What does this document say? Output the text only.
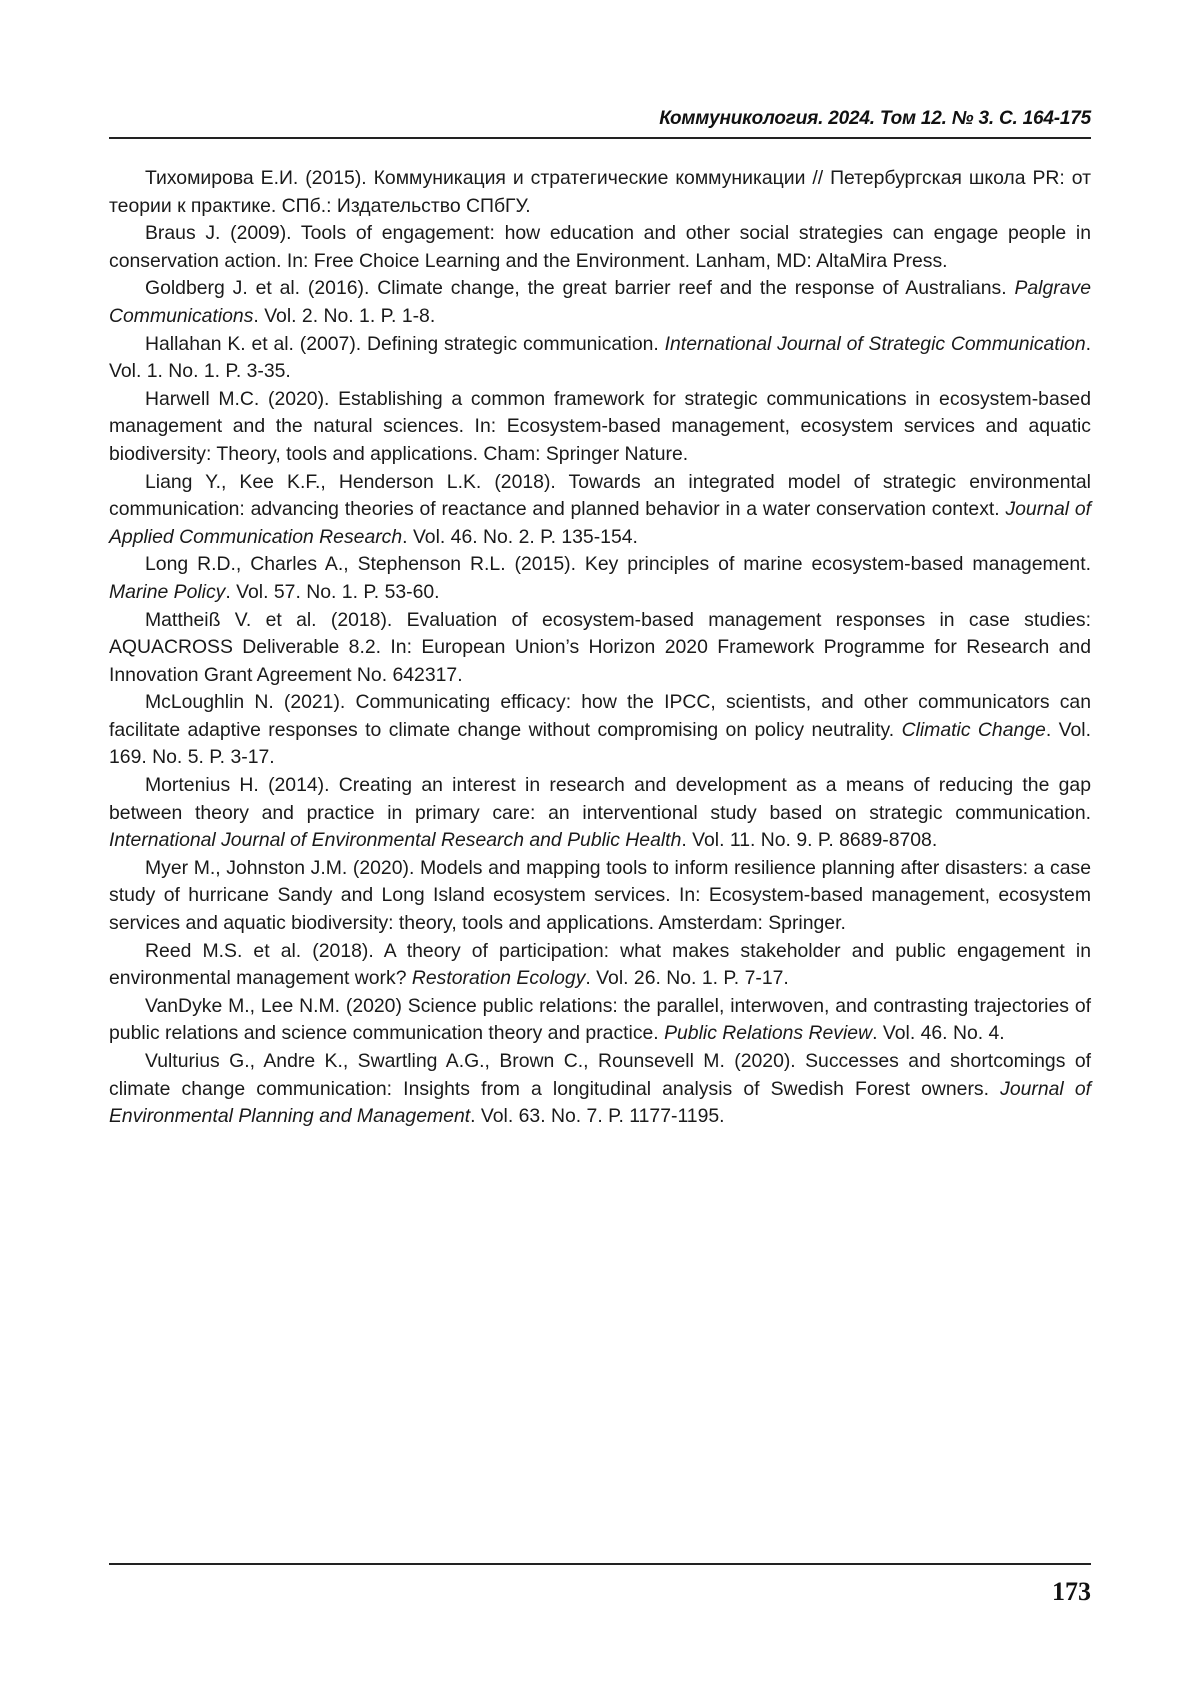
Коммуникология. 2024. Том 12. № 3. С. 164-175

Тихомирова Е.И. (2015). Коммуникация и стратегические коммуникации // Петербургская школа PR: от теории к практике. СПб.: Издательство СПбГУ.

Braus J. (2009). Tools of engagement: how education and other social strategies can engage people in conservation action. In: Free Choice Learning and the Environment. Lanham, MD: AltaMira Press.

Goldberg J. et al. (2016). Climate change, the great barrier reef and the response of Australians. Palgrave Communications. Vol. 2. No. 1. P. 1-8.

Hallahan K. et al. (2007). Defining strategic communication. International Journal of Strategic Communication. Vol. 1. No. 1. P. 3-35.

Harwell M.C. (2020). Establishing a common framework for strategic communications in ecosystem-based management and the natural sciences. In: Ecosystem-based management, ecosystem services and aquatic biodiversity: Theory, tools and applications. Cham: Springer Nature.

Liang Y., Kee K.F., Henderson L.K. (2018). Towards an integrated model of strategic environmental communication: advancing theories of reactance and planned behavior in a water conservation context. Journal of Applied Communication Research. Vol. 46. No. 2. P. 135-154.

Long R.D., Charles A., Stephenson R.L. (2015). Key principles of marine ecosystem-based management. Marine Policy. Vol. 57. No. 1. P. 53-60.

Mattheiß V. et al. (2018). Evaluation of ecosystem-based management responses in case studies: AQUACROSS Deliverable 8.2. In: European Union’s Horizon 2020 Framework Programme for Research and Innovation Grant Agreement No. 642317.

McLoughlin N. (2021). Communicating efficacy: how the IPCC, scientists, and other communicators can facilitate adaptive responses to climate change without compromising on policy neutrality. Climatic Change. Vol. 169. No. 5. P. 3-17.

Mortenius H. (2014). Creating an interest in research and development as a means of reducing the gap between theory and practice in primary care: an interventional study based on strategic communication. International Journal of Environmental Research and Public Health. Vol. 11. No. 9. P. 8689-8708.

Myer M., Johnston J.M. (2020). Models and mapping tools to inform resilience planning after disasters: a case study of hurricane Sandy and Long Island ecosystem services. In: Ecosystem-based management, ecosystem services and aquatic biodiversity: theory, tools and applications. Amsterdam: Springer.

Reed M.S. et al. (2018). A theory of participation: what makes stakeholder and public engagement in environmental management work? Restoration Ecology. Vol. 26. No. 1. P. 7-17.

VanDyke M., Lee N.M. (2020) Science public relations: the parallel, interwoven, and contrasting trajectories of public relations and science communication theory and practice. Public Relations Review. Vol. 46. No. 4.

Vulturius G., Andre K., Swartling A.G., Brown C., Rounsevell M. (2020). Successes and shortcomings of climate change communication: Insights from a longitudinal analysis of Swedish Forest owners. Journal of Environmental Planning and Management. Vol. 63. No. 7. P. 1177-1195.

173
